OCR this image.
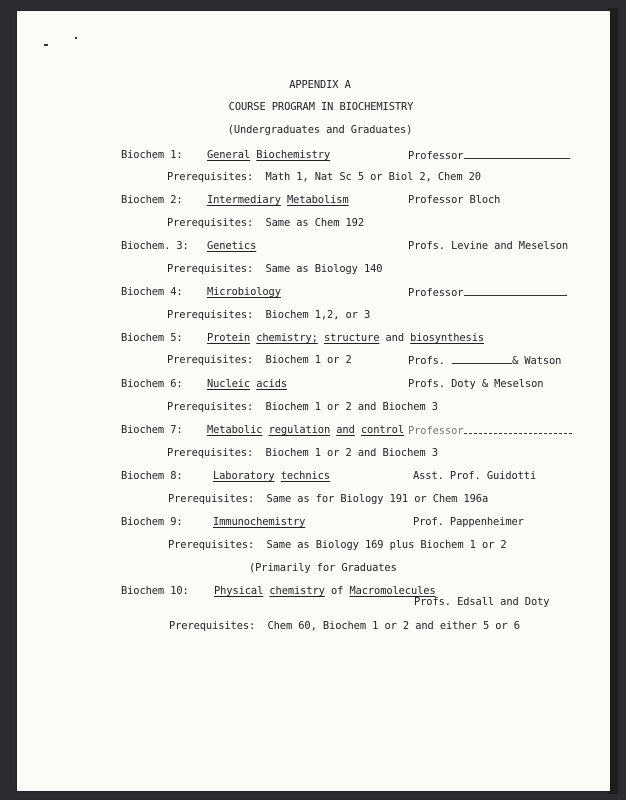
APPENDIX A
COURSE PROGRAM IN BIOCHEMISTRY
(Undergraduates and Graduates)
Biochem 1: General Biochemistry	Professor
Prerequisites: Math 1, Nat Sc 5 or Biol 2, Chem 20
Biochem 2: Intermediary Metabolism	Professor Bloch
Prerequisites: Same as Chem 192
Biochem. 3: Genetics	Profs. Levine and Meselson
Prerequisites: Same as Biology 140
Biochem 4: Microbiology	Professor
Prerequisites: Biochem 1,2, or 3
Biochem 5: Protein chemistry; structure and biosynthesis
Prerequisites: Biochem 1 or 2	Profs.	& Watson
Biochem 6: Nucleic acids	Profs. Doty & Meselson
Prerequisites: Biochem 1 or 2 and Biochem 3
Biochem 7: Metabolic regulation and control Professor
Prerequisites: Biochem 1 or 2 and Biochem 3
Biochem 8:	Laboratory technics	Asst. Prof. Guidotti
Prerequisites: Same as for Biology 191 or Chem 196a
Biochem 9:	Immunochemistry	Prof. Pappenheimer
Prerequisites: Same as Biology 169 plus Biochem 1 or 2
(Primarily for Graduates
Biochem 10: Physical chemistry of Macromolecules
Profs. Edsall and Doty
Prerequisites: Chem 60, Biochem 1 or 2 and either 5 or 6
